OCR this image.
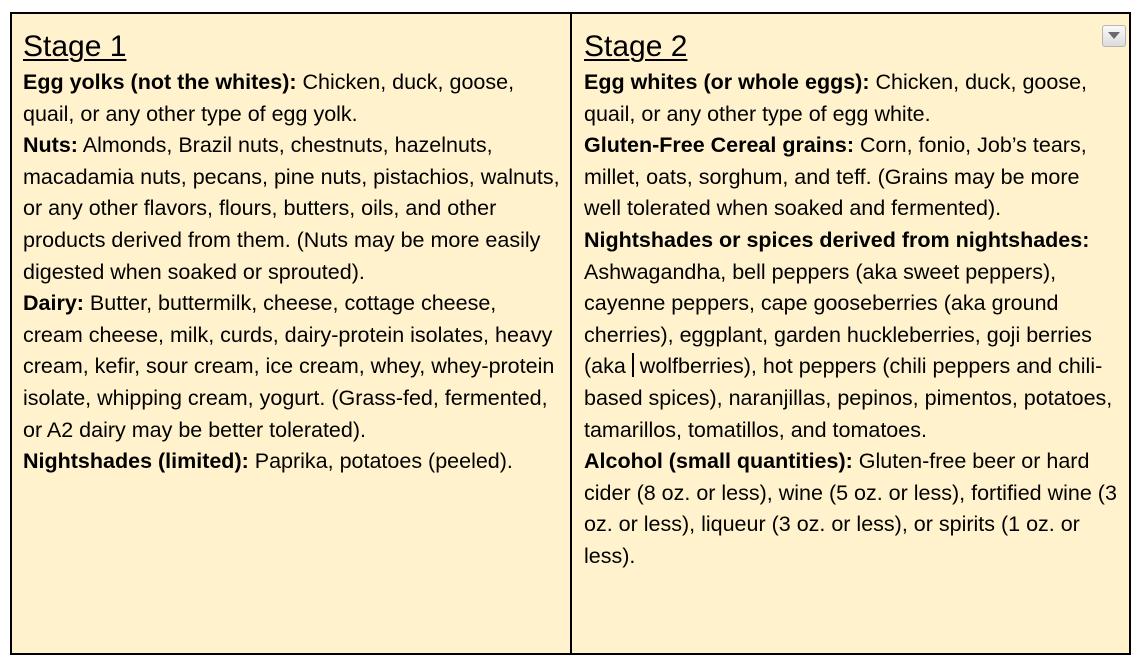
Stage 1

Egg yolks (not the whites): Chicken, duck, goose, quail, or any other type of egg yolk.

Nuts: Almonds, Brazil nuts, chestnuts, hazelnuts, macadamia nuts, pecans, pine nuts, pistachios, walnuts, or any other flavors, flours, butters, oils, and other products derived from them. (Nuts may be more easily digested when soaked or sprouted).

Dairy: Butter, buttermilk, cheese, cottage cheese, cream cheese, milk, curds, dairy-protein isolates, heavy cream, kefir, sour cream, ice cream, whey, whey-protein isolate, whipping cream, yogurt. (Grass-fed, fermented, or A2 dairy may be better tolerated).

Nightshades (limited): Paprika, potatoes (peeled).

Stage 2

Egg whites (or whole eggs): Chicken, duck, goose, quail, or any other type of egg white.

Gluten-Free Cereal grains: Corn, fonio, Job’s tears, millet, oats, sorghum, and teff. (Grains may be more well tolerated when soaked and fermented).

Nightshades or spices derived from nightshades: Ashwagandha, bell peppers (aka sweet peppers), cayenne peppers, cape gooseberries (aka ground cherries), eggplant, garden huckleberries, goji berries (aka wolfberries), hot peppers (chili peppers and chili-based spices), naranjillas, pepinos, pimentos, potatoes, tamarillos, tomatillos, and tomatoes.

Alcohol (small quantities): Gluten-free beer or hard cider (8 oz. or less), wine (5 oz. or less), fortified wine (3 oz. or less), liqueur (3 oz. or less), or spirits (1 oz. or less).
